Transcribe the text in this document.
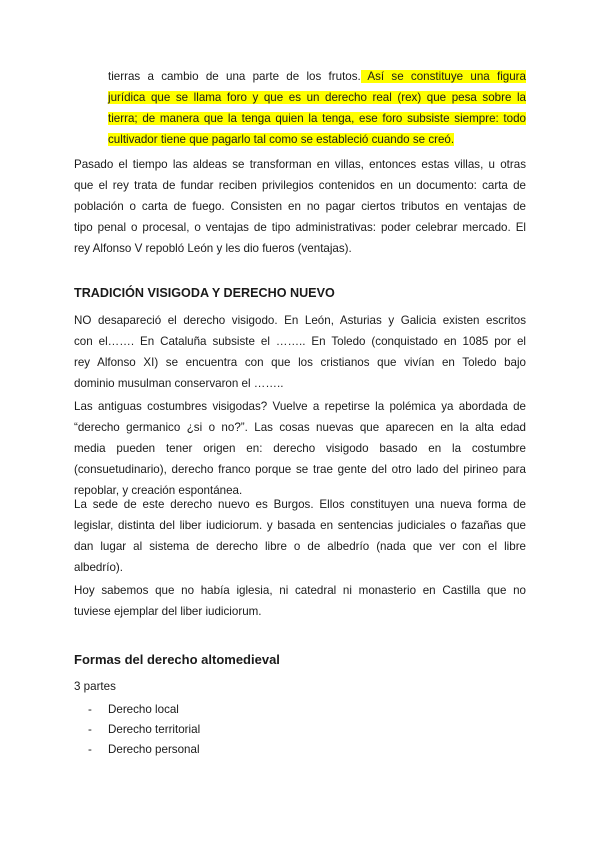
tierras a cambio de una parte de los frutos. Así se constituye una figura
jurídica que se llama foro y que es un derecho real (rex) que pesa sobre la
tierra; de manera que la tenga quien la tenga, ese foro subsiste siempre: todo
cultivador tiene que pagarlo tal como se estableció cuando se creó.
Pasado el tiempo las aldeas se transforman en villas, entonces estas villas, u otras
que el rey trata de fundar reciben privilegios contenidos en un documento: carta de
población o carta de fuego. Consisten en no pagar ciertos tributos en ventajas de
tipo penal o procesal, o ventajas de tipo administrativas: poder celebrar mercado. El
rey Alfonso V repobló León y les dio fueros (ventajas).
TRADICIÓN VISIGODA Y DERECHO NUEVO
NO desapareció el derecho visigodo. En León, Asturias y Galicia existen escritos
con el……. En Cataluña subsiste el …….. En Toledo (conquistado en 1085 por el
rey Alfonso XI) se encuentra con que los cristianos que vivían en Toledo bajo
dominio musulman conservaron el ……..
Las antiguas costumbres visigodas? Vuelve a repetirse la polémica ya abordada de
“derecho germanico ¿si o no?”. Las cosas nuevas que aparecen en la alta edad
media pueden tener origen en: derecho visigodo basado en la costumbre
(consuetudinario), derecho franco porque se trae gente del otro lado del pirineo para
repoblar, y creación espontánea.
La sede de este derecho nuevo es Burgos. Ellos constituyen una nueva forma de
legislar, distinta del liber iudiciorum. y basada en sentencias judiciales o fazañas que
dan lugar al sistema de derecho libre o de albedrío (nada que ver con el libre
albedrío).
Hoy sabemos que no había iglesia, ni catedral ni monasterio en Castilla que no
tuviese ejemplar del liber iudiciorum.
Formas del derecho altomedieval
3 partes
- Derecho local
- Derecho territorial
- Derecho personal
